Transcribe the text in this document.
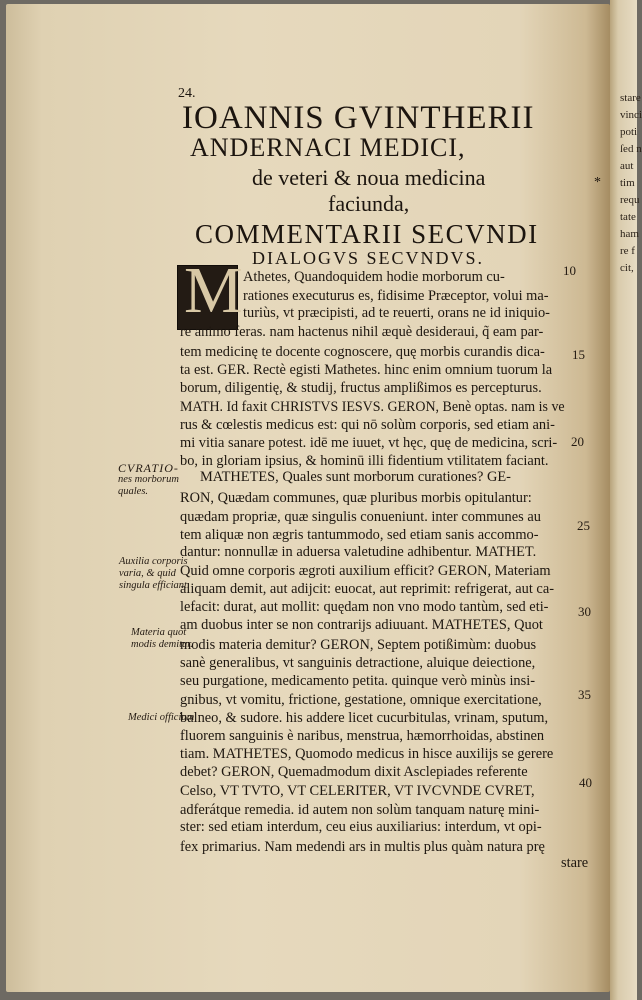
stare
vinci
poti
ſed n
aut
tim
requ
tate
ham
re f
cit,
24.
IOANNIS GVINTHERII
ANDERNACI MEDICI,
de veteri & noua medicina
faciunda,
*
COMMENTARII SECVNDI
DIALOGVS SECVNDVS.
M Athetes, Quandoquidem hodie morborum cu-
rationes executurus es, fidisime Præceptor, volui ma-
turiùs, vt præcipisti, ad te reuerti, orans ne id iniquio-
re animo feras. nam hactenus nihil æquè desideraui, q̃ eam par-
tem medicinę te docente cognoscere, quę morbis curandis dica-
ta est. GER. Rectè egisti Mathetes. hinc enim omnium tuorum la
borum, diligentię, & studij, fructus amplißimos es percepturus.
MATH. Id faxit CHRISTVS IESVS. GERON, Benè optas. nam is ve
rus & cœlestis medicus est: qui nō solùm corporis, sed etiam ani-
mi vitia sanare potest. idē me iuuet, vt hęc, quę de medicina, scri-
bo, in gloriam ipsius, & hominū illi fidentium vtilitatem faciant.
MATHETES, Quales sunt morborum curationes? GE-
RON, Quædam communes, quæ pluribus morbis opitulantur:
quædam propriæ, quæ singulis conueniunt. inter communes au
tem aliquæ non ægris tantummodo, sed etiam sanis accommo-
dantur: nonnullæ in aduersa valetudine adhibentur. MATHET.
Quid omne corporis ægroti auxilium efficit? GERON, Materiam
aliquam demit, aut adijcit: euocat, aut reprimit: refrigerat, aut ca-
lefacit: durat, aut mollit: quędam non vno modo tantùm, sed eti-
am duobus inter se non contrarijs adiuuant. MATHETES, Quot
modis materia demitur? GERON, Septem potißimùm: duobus
sanè generalibus, vt sanguinis detractione, aluique deiectione,
seu purgatione, medicamento petita. quinque verò minùs insi-
gnibus, vt vomitu, frictione, gestatione, omnique exercitatione,
balneo, & sudore. his addere licet cucurbitulas, vrinam, sputum,
fluorem sanguinis è naribus, menstrua, hæmorrhoidas, abstinen
tiam. MATHETES, Quomodo medicus in hisce auxilijs se gerere
debet? GERON, Quemadmodum dixit Asclepiades referente
Celso, VT TVTO, VT CELERITER, VT IVCVNDE CVRET,
adferátque remedia. id autem non solùm tanquam naturę mini-
ster: sed etiam interdum, ceu eius auxiliarius: interdum, vt opi-
fex primarius. Nam medendi ars in multis plus quàm natura prę
stare
10
15
20
25
30
35
40
CVRATIO-
nes morborum
quales.
Auxilia corporis
varia, & quid
singula efficiant.
Materia quot
modis demitur.
Medici officium
